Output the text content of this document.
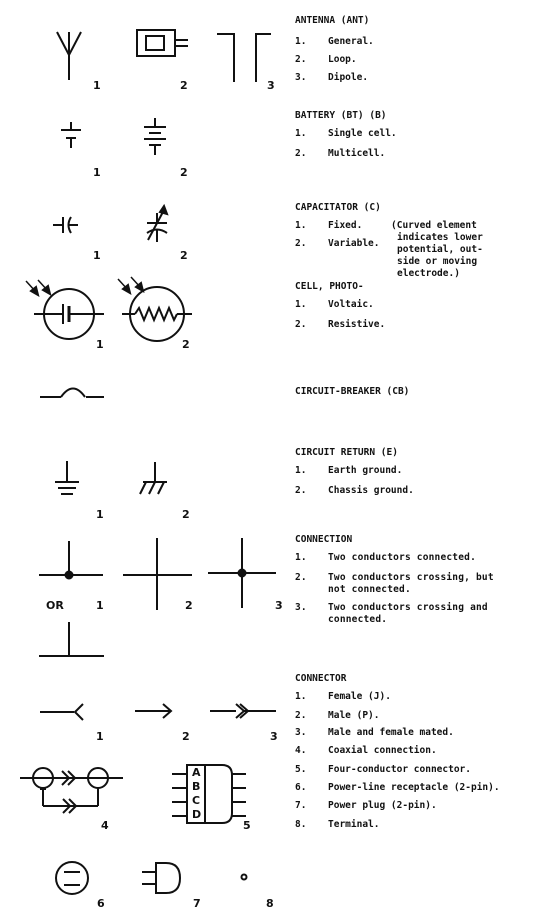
A
B
C
D
1	2	3
1	2
1	2
1	2
1	2
OR	1	2	3
1	2	3
4	5
6	7	8
ANTENNA (ANT)
1. General.
2. Loop.
3. Dipole.
BATTERY (BT) (B)
1. Single cell.
2. Multicell.
CAPACITATOR (C)
1. Fixed.
2. Variable.
(Curved element
indicates lower
potential, out-
side or moving
electrode.)
CELL, PHOTO-
1. Voltaic.
2. Resistive.
CIRCUIT-BREAKER (CB)
CIRCUIT RETURN (E)
1. Earth ground.
2. Chassis ground.
CONNECTION
1. Two conductors connected.
2.	Two conductors crossing, but
not connected.
3.	Two conductors crossing and
connected.
CONNECTOR
1. Female (J).
2. Male (P).
3. Male and female mated.
4. Coaxial connection.
5. Four-conductor connector.
6. Power-line receptacle (2-pin).
7. Power plug (2-pin).
8. Terminal.
